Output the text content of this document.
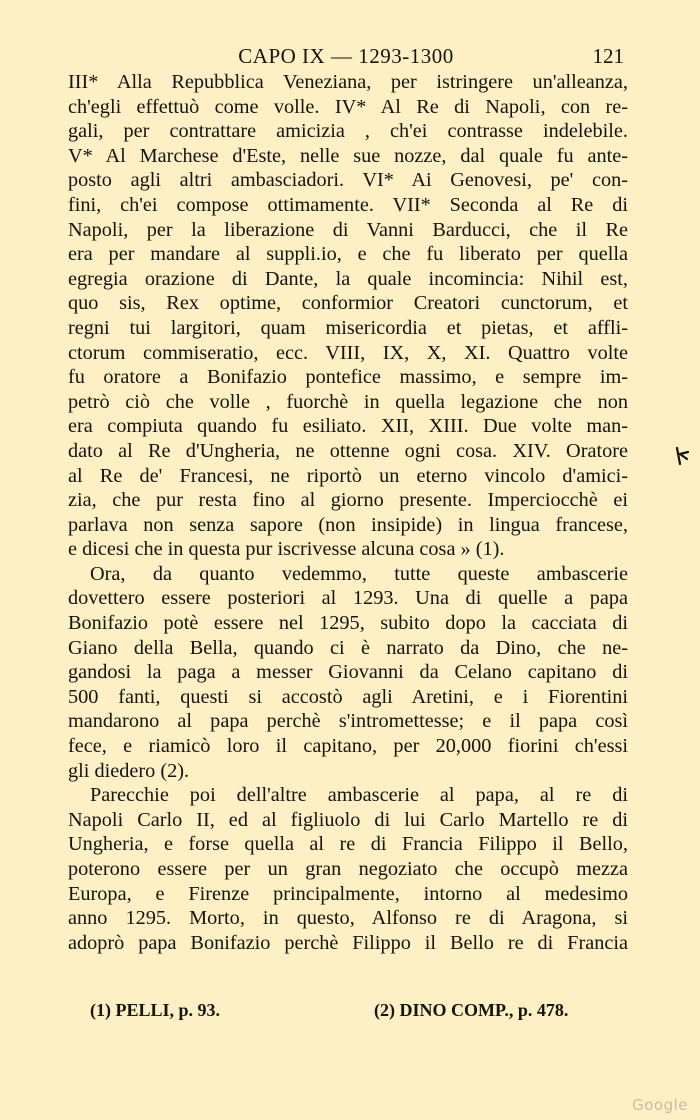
CAPO IX — 1293-1300	121
III* Alla Repubblica Veneziana, per istringere un'alleanza,
ch'egli effettuò come volle. IV* Al Re di Napoli, con re-
gali, per contrattare amicizia , ch'ei contrasse indelebile.
V* Al Marchese d'Este, nelle sue nozze, dal quale fu ante-
posto agli altri ambasciadori. VI* Ai Genovesi, pe' con-
fini, ch'ei compose ottimamente. VII* Seconda al Re di
Napoli, per la liberazione di Vanni Barducci, che il Re
era per mandare al suppli.io, e che fu liberato per quella
egregia orazione di Dante, la quale incomincia: Nihil est,
quo sis, Rex optime, conformior Creatori cunctorum, et
regni tui largitori, quam misericordia et pietas, et affli-
ctorum commiseratio, ecc. VIII, IX, X, XI. Quattro volte
fu oratore a Bonifazio pontefice massimo, e sempre im-
petrò ciò che volle , fuorchè in quella legazione che non
era compiuta quando fu esiliato. XII, XIII. Due volte man-
dato al Re d'Ungheria, ne ottenne ogni cosa. XIV. Oratore
al Re de' Francesi, ne riportò un eterno vincolo d'amici-
zia, che pur resta fino al giorno presente. Imperciocchè ei
parlava non senza sapore (non insipide) in lingua francese,
e dicesi che in questa pur iscrivesse alcuna cosa » (1).
Ora, da quanto vedemmo, tutte queste ambascerie
dovettero essere posteriori al 1293. Una di quelle a papa
Bonifazio potè essere nel 1295, subito dopo la cacciata di
Giano della Bella, quando ci è narrato da Dino, che ne-
gandosi la paga a messer Giovanni da Celano capitano di
500 fanti, questi si accostò agli Aretini, e i Fiorentini
mandarono al papa perchè s'intromettesse; e il papa così
fece, e riamicò loro il capitano, per 20,000 fiorini ch'essi
gli diedero (2).
Parecchie poi dell'altre ambascerie al papa, al re di
Napoli Carlo II, ed al figliuolo di lui Carlo Martello re di
Ungheria, e forse quella al re di Francia Filippo il Bello,
poterono essere per un gran negoziato che occupò mezza
Europa, e Firenze principalmente, intorno al medesimo
anno 1295. Morto, in questo, Alfonso re di Aragona, si
adoprò papa Bonifazio perchè Filippo il Bello re di Francia
(1) PELLI, p. 93.	(2) DINO COMP., p. 478.
Google
